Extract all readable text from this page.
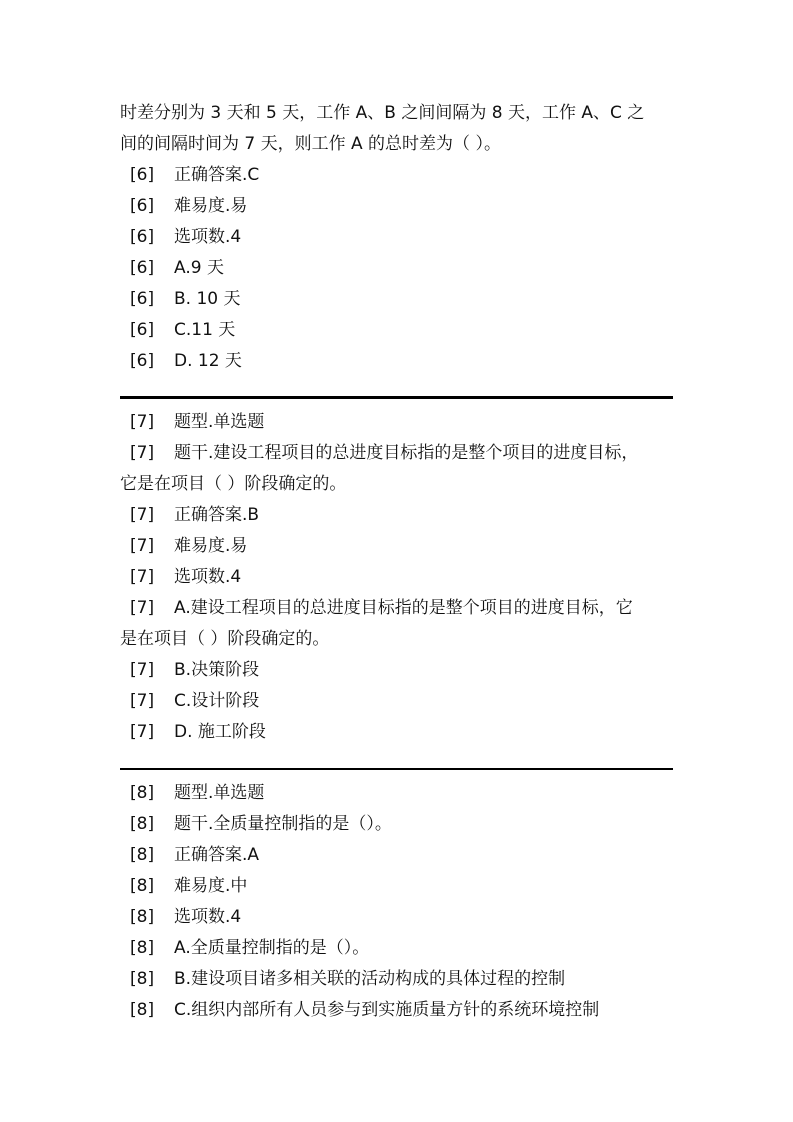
时差分别为 3 天和 5 天，工作 A、B 之间间隔为 8 天，工作 A、C 之
间的间隔时间为 7 天，则工作 A 的总时差为（ ）。
[6]	正确答案.C
[6]	难易度.易
[6]	选项数.4
[6]	A.9 天
[6]	B. 10 天
[6]	C.11 天
[6]	D. 12 天
[7]	题型.单选题
[7]	题干.建设工程项目的总进度目标指的是整个项目的进度目标，
它是在项目（ ）阶段确定的。
[7]	正确答案.B
[7]	难易度.易
[7]	选项数.4
[7]	A.建设工程项目的总进度目标指的是整个项目的进度目标，它
是在项目（ ）阶段确定的。
[7]	B.决策阶段
[7]	C.设计阶段
[7]	D. 施工阶段
[8]	题型.单选题
[8]	题干.全质量控制指的是（）。
[8]	正确答案.A
[8]	难易度.中
[8]	选项数.4
[8]	A.全质量控制指的是（）。
[8]	B.建设项目诸多相关联的活动构成的具体过程的控制
[8]	C.组织内部所有人员参与到实施质量方针的系统环境控制
